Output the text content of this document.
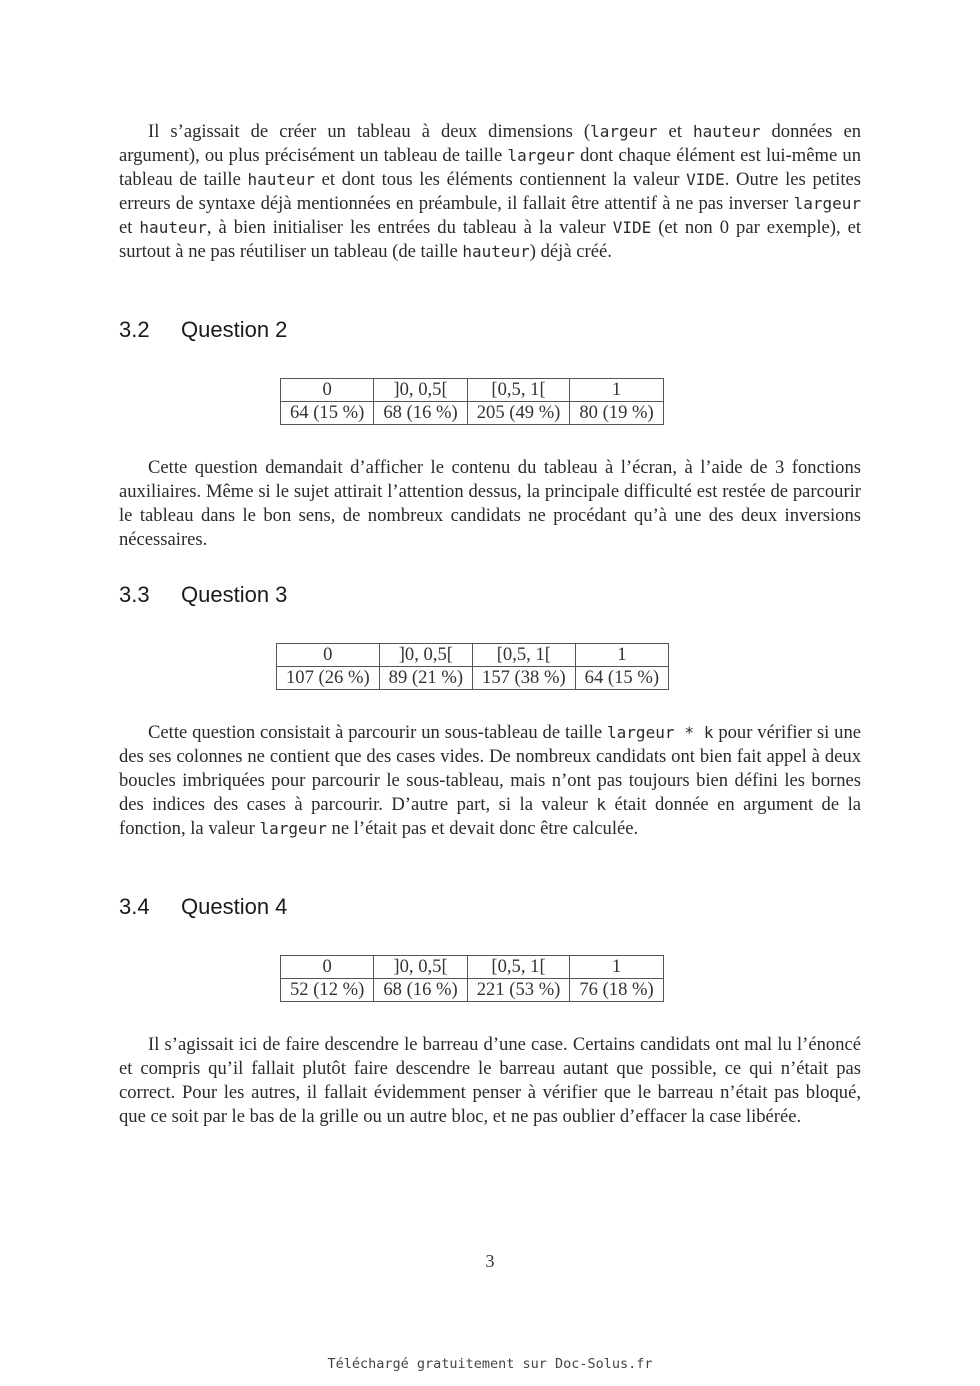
Il s’agissait de créer un tableau à deux dimensions (largeur et hauteur données en argument), ou plus précisément un tableau de taille largeur dont chaque élément est lui-même un tableau de taille hauteur et dont tous les éléments contiennent la valeur VIDE. Outre les petites erreurs de syntaxe déjà mentionnées en préambule, il fallait être attentif à ne pas inverser largeur et hauteur, à bien initialiser les entrées du tableau à la valeur VIDE (et non 0 par exemple), et surtout à ne pas réutiliser un tableau (de taille hauteur) déjà créé.
3.2 Question 2
0	]0, 0,5[	[0,5, 1[	1
64 (15 %)	68 (16 %)	205 (49 %)	80 (19 %)
Cette question demandait d’afficher le contenu du tableau à l’écran, à l’aide de 3 fonctions auxiliaires. Même si le sujet attirait l’attention dessus, la principale difficulté est restée de parcourir le tableau dans le bon sens, de nombreux candidats ne procédant qu’à une des deux inversions nécessaires.
3.3 Question 3
0	]0, 0,5[	[0,5, 1[	1
107 (26 %)	89 (21 %)	157 (38 %)	64 (15 %)
Cette question consistait à parcourir un sous-tableau de taille largeur * k pour vérifier si une des ses colonnes ne contient que des cases vides. De nombreux candidats ont bien fait appel à deux boucles imbriquées pour parcourir le sous-tableau, mais n’ont pas toujours bien défini les bornes des indices des cases à parcourir. D’autre part, si la valeur k était donnée en argument de la fonction, la valeur largeur ne l’était pas et devait donc être calculée.
3.4 Question 4
0	]0, 0,5[	[0,5, 1[	1
52 (12 %)	68 (16 %)	221 (53 %)	76 (18 %)
Il s’agissait ici de faire descendre le barreau d’une case. Certains candidats ont mal lu l’énoncé et compris qu’il fallait plutôt faire descendre le barreau autant que possible, ce qui n’était pas correct. Pour les autres, il fallait évidemment penser à vérifier que le barreau n’était pas bloqué, que ce soit par le bas de la grille ou un autre bloc, et ne pas oublier d’effacer la case libérée.
3
Téléchargé gratuitement sur Doc-Solus.fr
